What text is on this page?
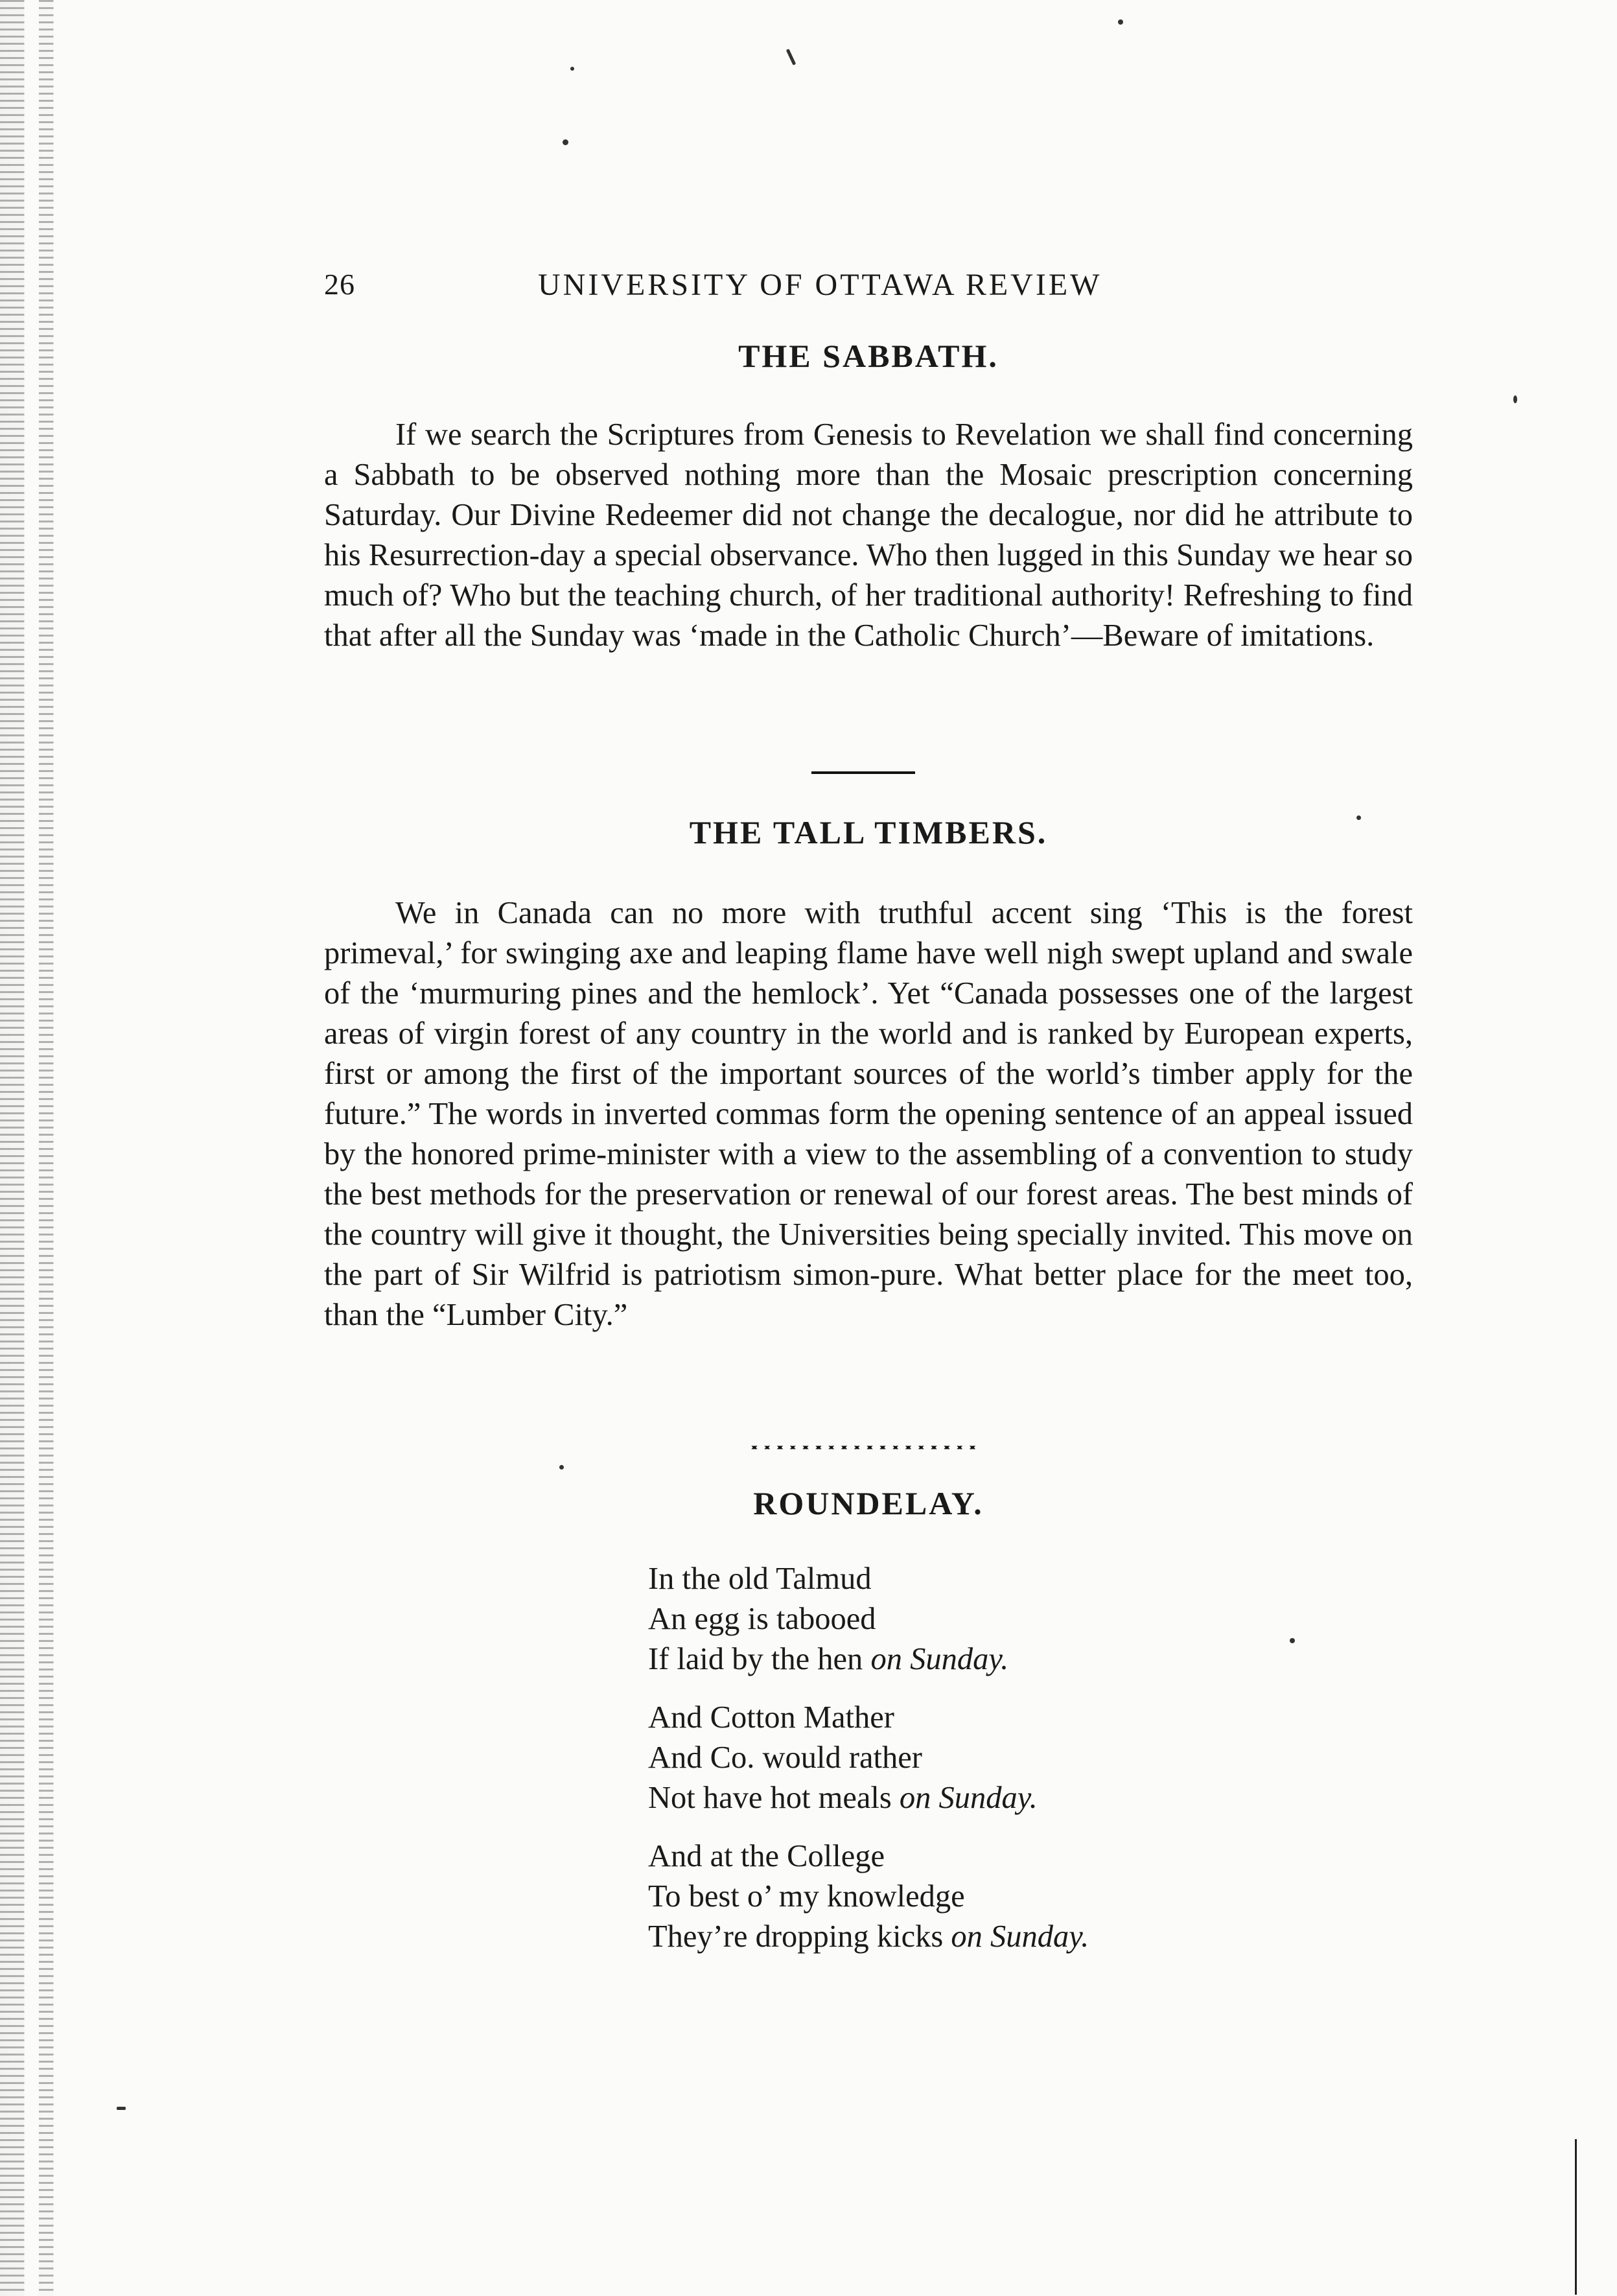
26	UNIVERSITY OF OTTAWA REVIEW
THE SABBATH.

If we search the Scriptures from Genesis to Revelation we shall find concerning a Sabbath to be observed nothing more than the Mosaic prescription concerning Saturday. Our Divine Redeemer did not change the decalogue, nor did he attribute to his Resurrection-day a special observance. Who then lugged in this Sunday we hear so much of? Who but the teaching church, of her traditional authority! Refreshing to find that after all the Sunday was ‘made in the Catholic Church’—Beware of imitations.

THE TALL TIMBERS.

We in Canada can no more with truthful accent sing ‘This is the forest primeval,’ for swinging axe and leaping flame have well nigh swept upland and swale of the ‘murmuring pines and the hemlock’. Yet “Canada possesses one of the largest areas of virgin forest of any country in the world and is ranked by European experts, first or among the first of the important sources of the world’s timber apply for the future.” The words in inverted commas form the opening sentence of an appeal issued by the honored prime-minister with a view to the assembling of a convention to study the best methods for the preservation or renewal of our forest areas. The best minds of the country will give it thought, the Universities being specially invited. This move on the part of Sir Wilfrid is patriotism simon-pure. What better place for the meet too, than the “Lumber City.”

ROUNDELAY.
In the old Talmud
An egg is tabooed
If laid by the hen on Sunday.
And Cotton Mather
And Co. would rather
Not have hot meals on Sunday.
And at the College
To best o’ my knowledge
They’re dropping kicks on Sunday.
